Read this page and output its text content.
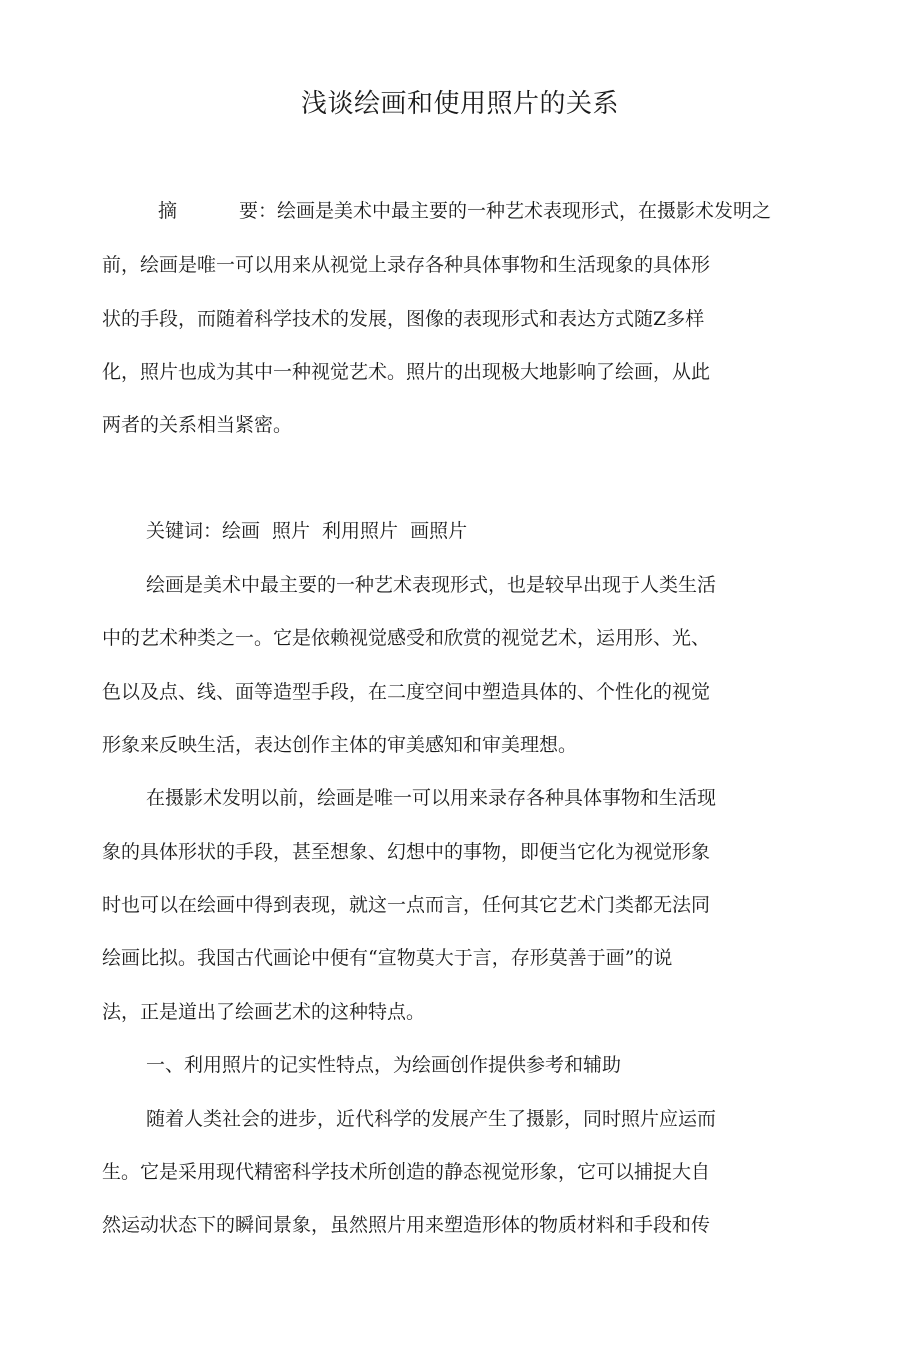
浅谈绘画和使用照片的关系

摘	要：绘画是美术中最主要的一种艺术表现形式，在摄影术发明之

前，绘画是唯一可以用来从视觉上录存各种具体事物和生活现象的具体形

状的手段，而随着科学技术的发展，图像的表现形式和表达方式随Z多样

化，照片也成为其中一种视觉艺术。照片的出现极大地影响了绘画，从此

两者的关系相当紧密。

关键词：绘画 照片 利用照片 画照片

绘画是美术中最主要的一种艺术表现形式，也是较早出现于人类生活

中的艺术种类之一。它是依赖视觉感受和欣赏的视觉艺术，运用形、光、

色以及点、线、面等造型手段，在二度空间中塑造具体的、个性化的视觉

形象来反映生活，表达创作主体的审美感知和审美理想。

在摄影术发明以前，绘画是唯一可以用来录存各种具体事物和生活现

象的具体形状的手段，甚至想象、幻想中的事物，即便当它化为视觉形象

时也可以在绘画中得到表现，就这一点而言，任何其它艺术门类都无法同

绘画比拟。我国古代画论中便有“宣物莫大于言，存形莫善于画”的说

法，正是道出了绘画艺术的这种特点。

一、利用照片的记实性特点，为绘画创作提供参考和辅助

随着人类社会的进步，近代科学的发展产生了摄影，同时照片应运而

生。它是采用现代精密科学技术所创造的静态视觉形象，它可以捕捉大自

然运动状态下的瞬间景象，虽然照片用来塑造形体的物质材料和手段和传
